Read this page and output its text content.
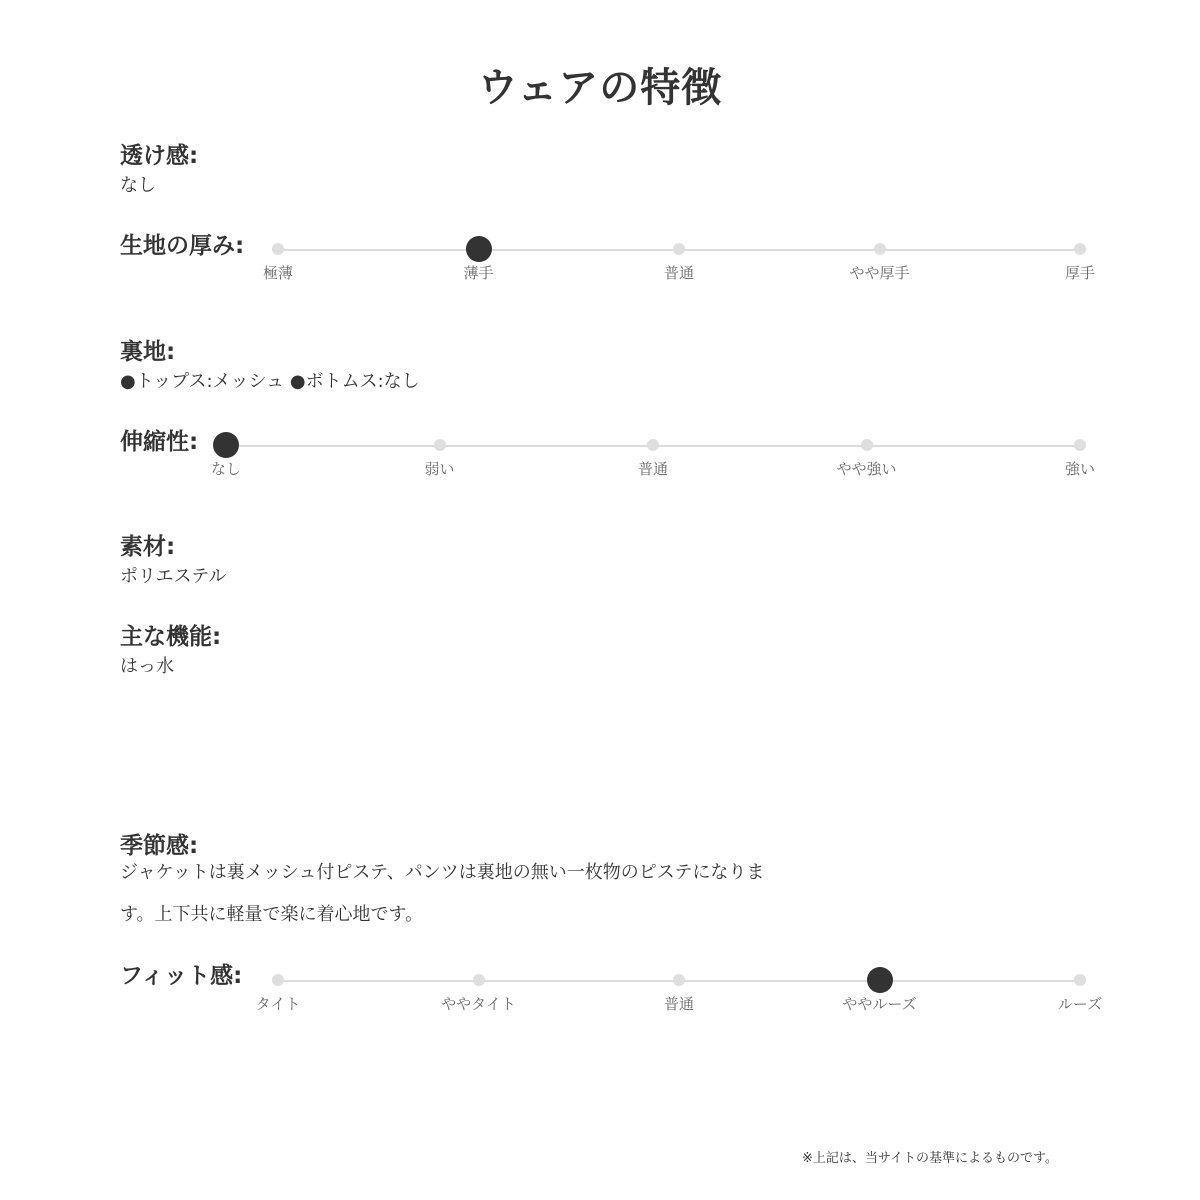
ウェアの特徴
透け感:
なし
生地の厚み:
極薄	薄手	普通	やや厚手	厚手
裏地:
●トップス:メッシュ ●ボトムス:なし
伸縮性:
なし	弱い	普通	やや強い	強い
素材:
ポリエステル
主な機能:
はっ水
季節感:
ジャケットは裏メッシュ付ピステ、パンツは裏地の無い一枚物のピステになりま
す。上下共に軽量で楽に着心地です。
フィット感:
タイト	ややタイト	普通	ややルーズ	ルーズ
※上記は、当サイトの基準によるものです。
